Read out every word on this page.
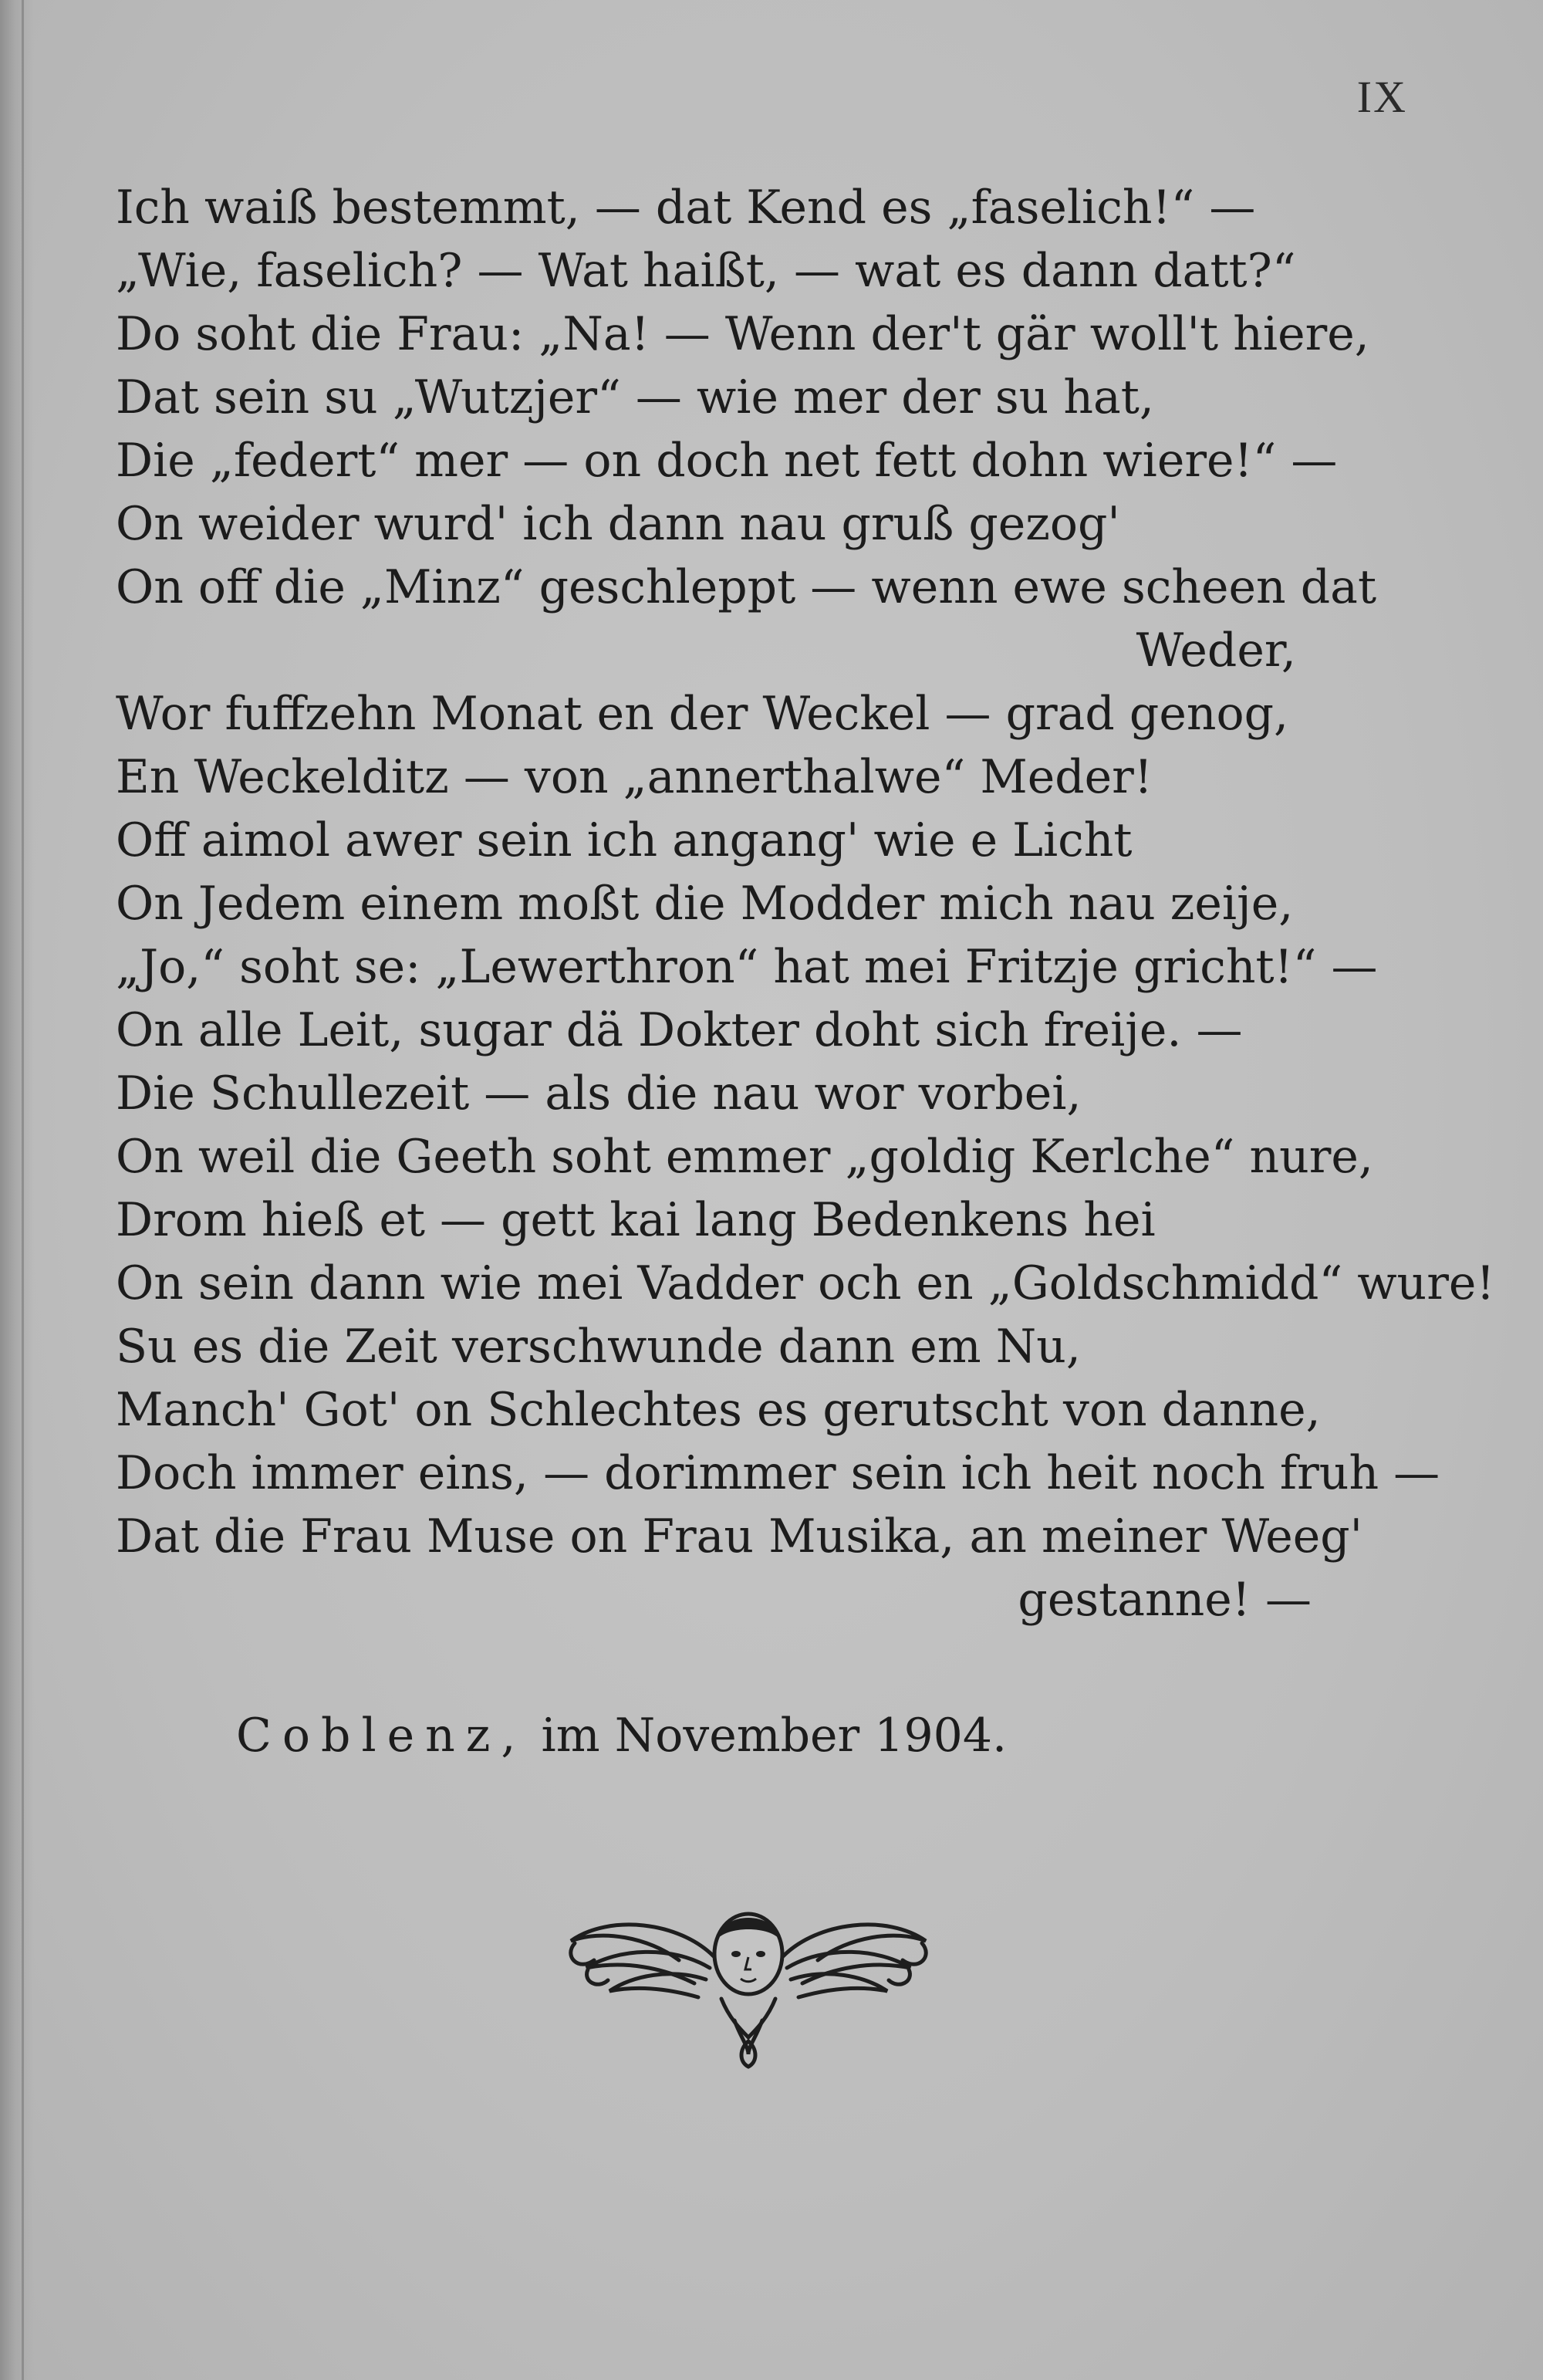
IX
Ich waiß bestemmt, — dat Kend es „faselich!“ —
„Wie, faselich? — Wat haißt, — wat es dann datt?“
Do soht die Frau: „Na! — Wenn der't gär woll't hiere,
Dat sein su „Wutzjer“ — wie mer der su hat,
Die „federt“ mer — on doch net fett dohn wiere!“ —
On weider wurd' ich dann nau gruß gezog'
On off die „Minz“ geschleppt — wenn ewe scheen dat
Weder,
Wor fuffzehn Monat en der Weckel — grad genog,
En Weckelditz — von „annerthalwe“ Meder!
Off aimol awer sein ich angang' wie e Licht
On Jedem einem moßt die Modder mich nau zeije,
„Jo,“ soht se: „Lewerthron“ hat mei Fritzje gricht!“ —
On alle Leit, sugar dä Dokter doht sich freije. —
Die Schullezeit — als die nau wor vorbei,
On weil die Geeth soht emmer „goldig Kerlche“ nure,
Drom hieß et — gett kai lang Bedenkens hei
On sein dann wie mei Vadder och en „Goldschmidd“ wure!
Su es die Zeit verschwunde dann em Nu,
Manch' Got' on Schlechtes es gerutscht von danne,
Doch immer eins, — dorimmer sein ich heit noch fruh —
Dat die Frau Muse on Frau Musika, an meiner Weeg'
gestanne! —
Coblenz, im November 1904.
